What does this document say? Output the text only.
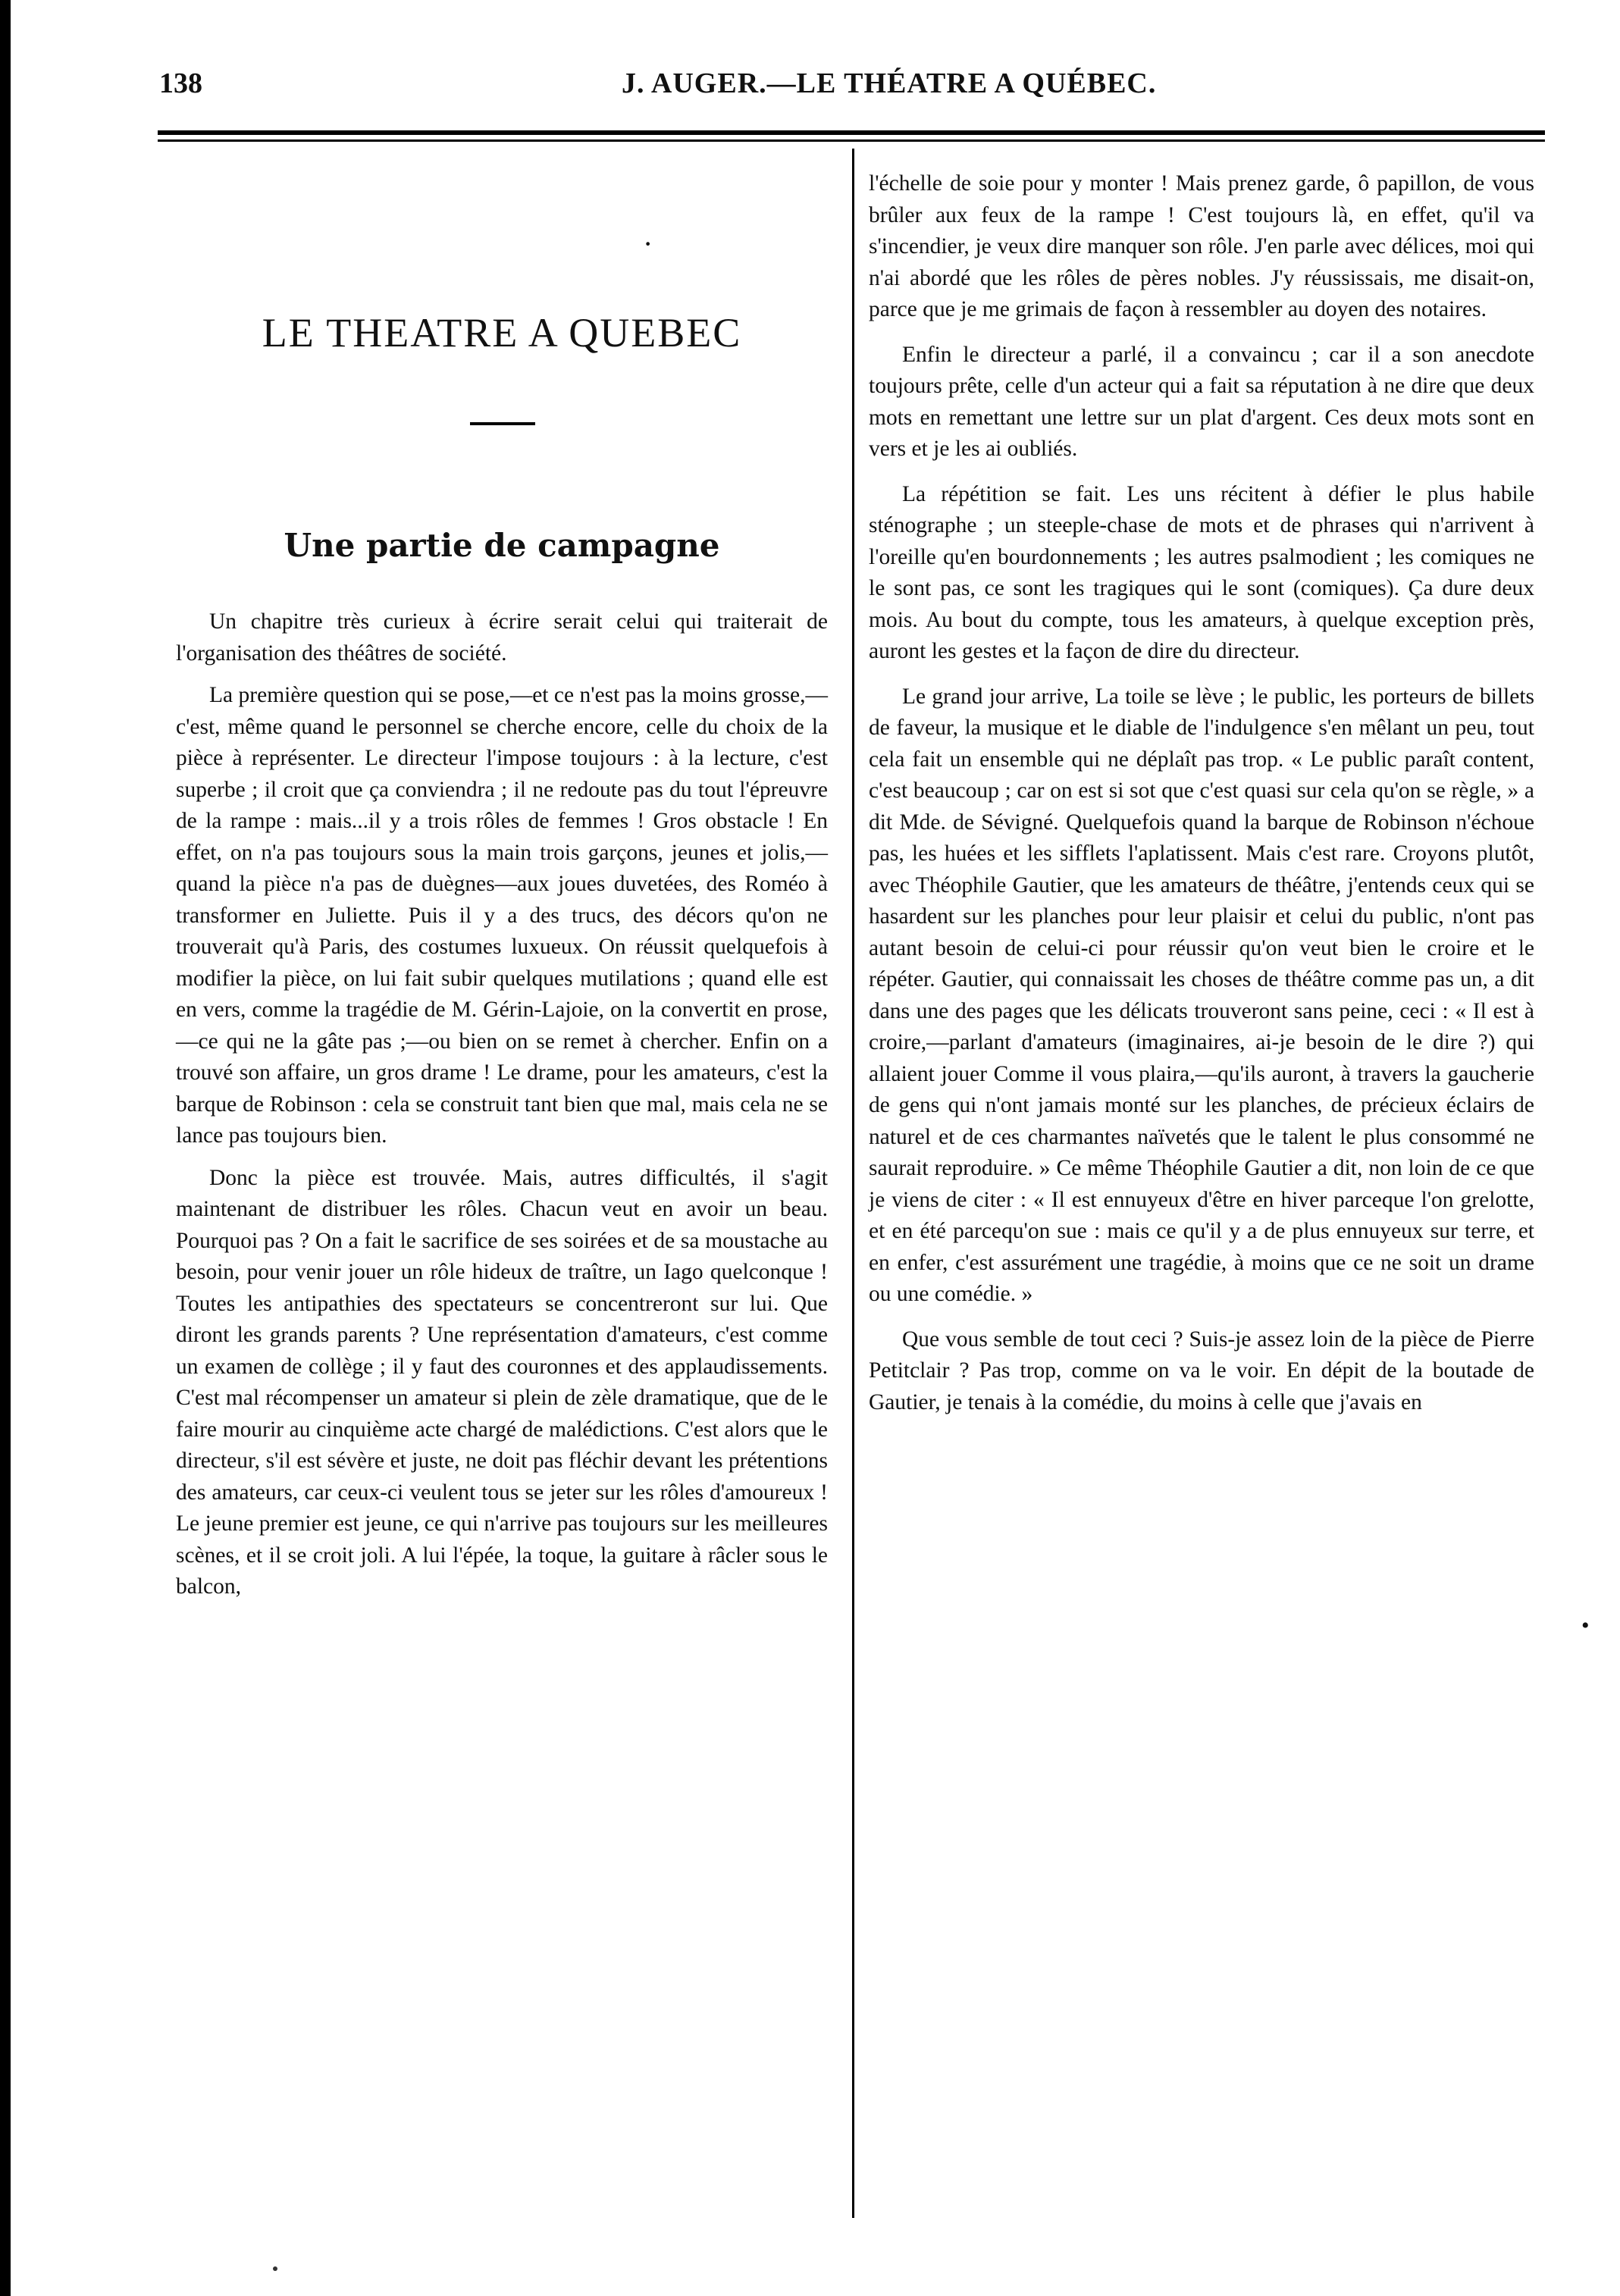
138	J. AUGER.—LE THÉATRE A QUÉBEC.
·
LE THEATRE A QUEBEC
Une partie de campagne

Un chapitre très curieux à écrire serait celui qui traiterait de l'organisation des théâtres de société.

La première question qui se pose,—et ce n'est pas la moins grosse,—c'est, même quand le personnel se cherche encore, celle du choix de la pièce à représenter. Le directeur l'impose toujours : à la lecture, c'est superbe ; il croit que ça conviendra ; il ne redoute pas du tout l'épreuvre de la rampe : mais...il y a trois rôles de femmes ! Gros obstacle ! En effet, on n'a pas toujours sous la main trois garçons, jeunes et jolis,—quand la pièce n'a pas de duègnes—aux joues duvetées, des Roméo à transformer en Juliette. Puis il y a des trucs, des décors qu'on ne trouverait qu'à Paris, des costumes luxueux. On réussit quelquefois à modifier la pièce, on lui fait subir quelques mutilations ; quand elle est en vers, comme la tragédie de M. Gérin-Lajoie, on la convertit en prose,—ce qui ne la gâte pas ;—ou bien on se remet à chercher. Enfin on a trouvé son affaire, un gros drame ! Le drame, pour les amateurs, c'est la barque de Robinson : cela se construit tant bien que mal, mais cela ne se lance pas toujours bien.

Donc la pièce est trouvée. Mais, autres difficultés, il s'agit maintenant de distribuer les rôles. Chacun veut en avoir un beau. Pourquoi pas ? On a fait le sacrifice de ses soirées et de sa moustache au besoin, pour venir jouer un rôle hideux de traître, un Iago quelconque ! Toutes les antipathies des spectateurs se concentreront sur lui. Que diront les grands parents ? Une représentation d'amateurs, c'est comme un examen de collège ; il y faut des couronnes et des applaudissements. C'est mal récompenser un amateur si plein de zèle dramatique, que de le faire mourir au cinquième acte chargé de malédictions. C'est alors que le directeur, s'il est sévère et juste, ne doit pas fléchir devant les prétentions des amateurs, car ceux-ci veulent tous se jeter sur les rôles d'amoureux ! Le jeune premier est jeune, ce qui n'arrive pas toujours sur les meilleures scènes, et il se croit joli. A lui l'épée, la toque, la guitare à râcler sous le balcon,

l'échelle de soie pour y monter ! Mais prenez garde, ô papillon, de vous brûler aux feux de la rampe ! C'est toujours là, en effet, qu'il va s'incendier, je veux dire manquer son rôle. J'en parle avec délices, moi qui n'ai abordé que les rôles de pères nobles. J'y réussissais, me disait-on, parce que je me grimais de façon à ressembler au doyen des notaires.

Enfin le directeur a parlé, il a convaincu ; car il a son anecdote toujours prête, celle d'un acteur qui a fait sa réputation à ne dire que deux mots en remettant une lettre sur un plat d'argent. Ces deux mots sont en vers et je les ai oubliés.

La répétition se fait. Les uns récitent à défier le plus habile sténographe ; un steeple-chase de mots et de phrases qui n'arrivent à l'oreille qu'en bourdonnements ; les autres psalmodient ; les comiques ne le sont pas, ce sont les tragiques qui le sont (comiques). Ça dure deux mois. Au bout du compte, tous les amateurs, à quelque exception près, auront les gestes et la façon de dire du directeur.

Le grand jour arrive, La toile se lève ; le public, les porteurs de billets de faveur, la musique et le diable de l'indulgence s'en mêlant un peu, tout cela fait un ensemble qui ne déplaît pas trop. « Le public paraît content, c'est beaucoup ; car on est si sot que c'est quasi sur cela qu'on se règle, » a dit Mde. de Sévigné. Quelquefois quand la barque de Robinson n'échoue pas, les huées et les sifflets l'aplatissent. Mais c'est rare. Croyons plutôt, avec Théophile Gautier, que les amateurs de théâtre, j'entends ceux qui se hasardent sur les planches pour leur plaisir et celui du public, n'ont pas autant besoin de celui-ci pour réussir qu'on veut bien le croire et le répéter. Gautier, qui connaissait les choses de théâtre comme pas un, a dit dans une des pages que les délicats trouveront sans peine, ceci : « Il est à croire,—parlant d'amateurs (imaginaires, ai-je besoin de le dire ?) qui allaient jouer Comme il vous plaira,—qu'ils auront, à travers la gaucherie de gens qui n'ont jamais monté sur les planches, de précieux éclairs de naturel et de ces charmantes naïvetés que le talent le plus consommé ne saurait reproduire. » Ce même Théophile Gautier a dit, non loin de ce que je viens de citer : « Il est ennuyeux d'être en hiver parceque l'on grelotte, et en été parcequ'on sue : mais ce qu'il y a de plus ennuyeux sur terre, et en enfer, c'est assurément une tragédie, à moins que ce ne soit un drame ou une comédie. »

Que vous semble de tout ceci ? Suis-je assez loin de la pièce de Pierre Petitclair ? Pas trop, comme on va le voir. En dépit de la boutade de Gautier, je tenais à la comédie, du moins à celle que j'avais en

•
